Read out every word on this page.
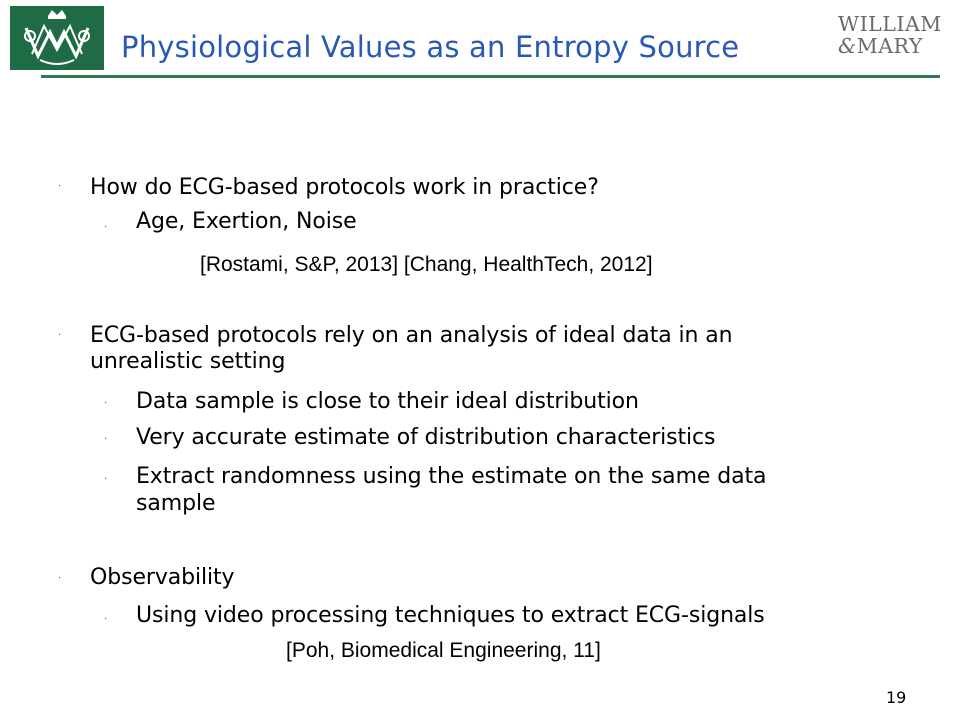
Physiological Values as an Entropy Source
WILLIAM
&MARY
· How do ECG-based protocols work in practice?
· Age, Exertion, Noise
[Rostami, S&P, 2013] [Chang, HealthTech, 2012]
· ECG-based protocols rely on an analysis of ideal data in an
unrealistic setting
· Data sample is close to their ideal distribution
· Very accurate estimate of distribution characteristics
· Extract randomness using the estimate on the same data
sample
· Observability
· Using video processing techniques to extract ECG-signals
[Poh, Biomedical Engineering, 11]
19
